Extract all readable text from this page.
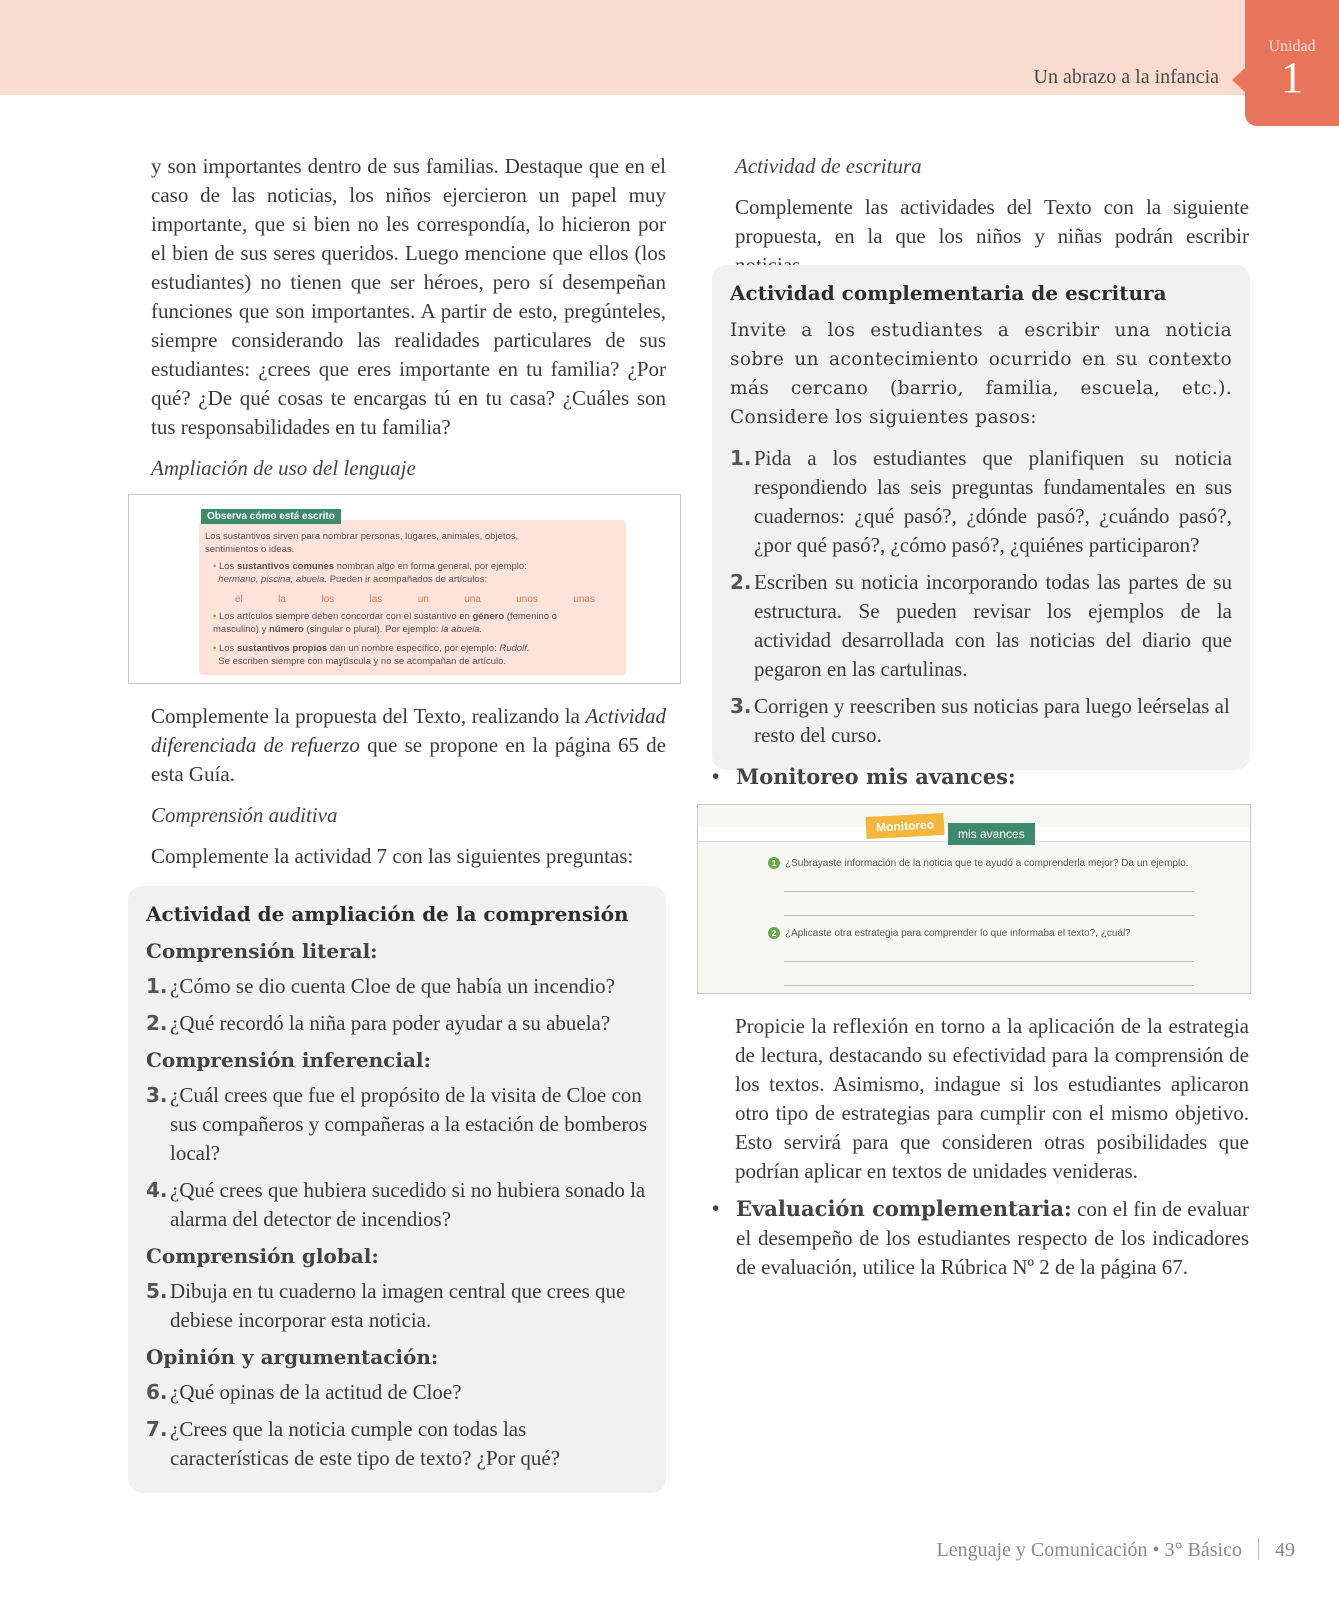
Un abrazo a la infancia
Unidad
1

y son importantes dentro de sus familias. Destaque que en el caso de las noticias, los niños ejercieron un papel muy importante, que si bien no les correspondía, lo hicieron por el bien de sus seres queridos. Luego mencione que ellos (los estudiantes) no tienen que ser héroes, pero sí desempeñan funciones que son importantes. A partir de esto, pregúnteles, siempre considerando las realidades particulares de sus estudiantes: ¿crees que eres importante en tu familia? ¿Por qué? ¿De qué cosas te encargas tú en tu casa? ¿Cuáles son tus responsabilidades en tu familia?

Ampliación de uso del lenguaje

Observa cómo está escrito
Los sustantivos sirven para nombrar personas, lugares, animales, objetos, sentimientos o ideas.
• Los sustantivos comunes nombran algo en forma general, por ejemplo:
hermano, piscina, abuela. Pueden ir acompañados de artículos:
el	la	los	las	un	una	unos	unas
• Los artículos siempre deben concordar con el sustantivo en género (femenino o masculino) y número (singular o plural). Por ejemplo: la abuela.
• Los sustantivos propios dan un nombre específico, por ejemplo: Rudolf.
Se escriben siempre con mayúscula y no se acompañan de artículo.

Complemente la propuesta del Texto, realizando la Actividad diferenciada de refuerzo que se propone en la página 65 de esta Guía.

Comprensión auditiva

Complemente la actividad 7 con las siguientes preguntas:

Actividad de ampliación de la comprensión
Comprensión literal:
1. ¿Cómo se dio cuenta Cloe de que había un incendio?
2. ¿Qué recordó la niña para poder ayudar a su abuela?
Comprensión inferencial:
3. ¿Cuál crees que fue el propósito de la visita de Cloe con sus compañeros y compañeras a la estación de bomberos local?
4. ¿Qué crees que hubiera sucedido si no hubiera sonado la alarma del detector de incendios?
Comprensión global:
5. Dibuja en tu cuaderno la imagen central que crees que debiese incorporar esta noticia.
Opinión y argumentación:
6. ¿Qué opinas de la actitud de Cloe?
7. ¿Crees que la noticia cumple con todas las características de este tipo de texto? ¿Por qué?

Actividad de escritura

Complemente las actividades del Texto con la siguiente propuesta, en la que los niños y niñas podrán escribir

Actividad complementaria de escritura

Invite a los estudiantes a escribir una noticia sobre un acontecimiento ocurrido en su contexto más cercano (barrio, familia, escuela, etc.). Considere los siguientes pasos:

1. Pida a los estudiantes que planifiquen su noticia respondiendo las seis preguntas fundamentales en sus cuadernos: ¿qué pasó?, ¿dónde pasó?, ¿cuándo pasó?, ¿por qué pasó?, ¿cómo pasó?, ¿quiénes participaron?
2. Escriben su noticia incorporando todas las partes de su estructura. Se pueden revisar los ejemplos de la actividad desarrollada con las noticias del diario que pegaron en las cartulinas.
3. Corrigen y reescriben sus noticias para luego leérselas al resto del curso.
• Monitoreo mis avances:
Monitoreo	mis avances
1 ¿Subrayaste información de la noticia que te ayudó a comprenderla mejor? Da un ejemplo.
2 ¿Aplicaste otra estrategia para comprender lo que informaba el texto?, ¿cuál?

Propicie la reflexión en torno a la aplicación de la estrategia de lectura, destacando su efectividad para la comprensión de los textos. Asimismo, indague si los estudiantes aplicaron otro tipo de estrategias para cumplir con el mismo objetivo. Esto servirá para que consideren otras posibilidades que podrían aplicar en textos de unidades venideras.

• Evaluación complementaria: con el fin de evaluar el desempeño de los estudiantes respecto de los indicadores de evaluación, utilice la Rúbrica Nº 2 de la página 67.
Lenguaje y Comunicación • 3° Básico 49
